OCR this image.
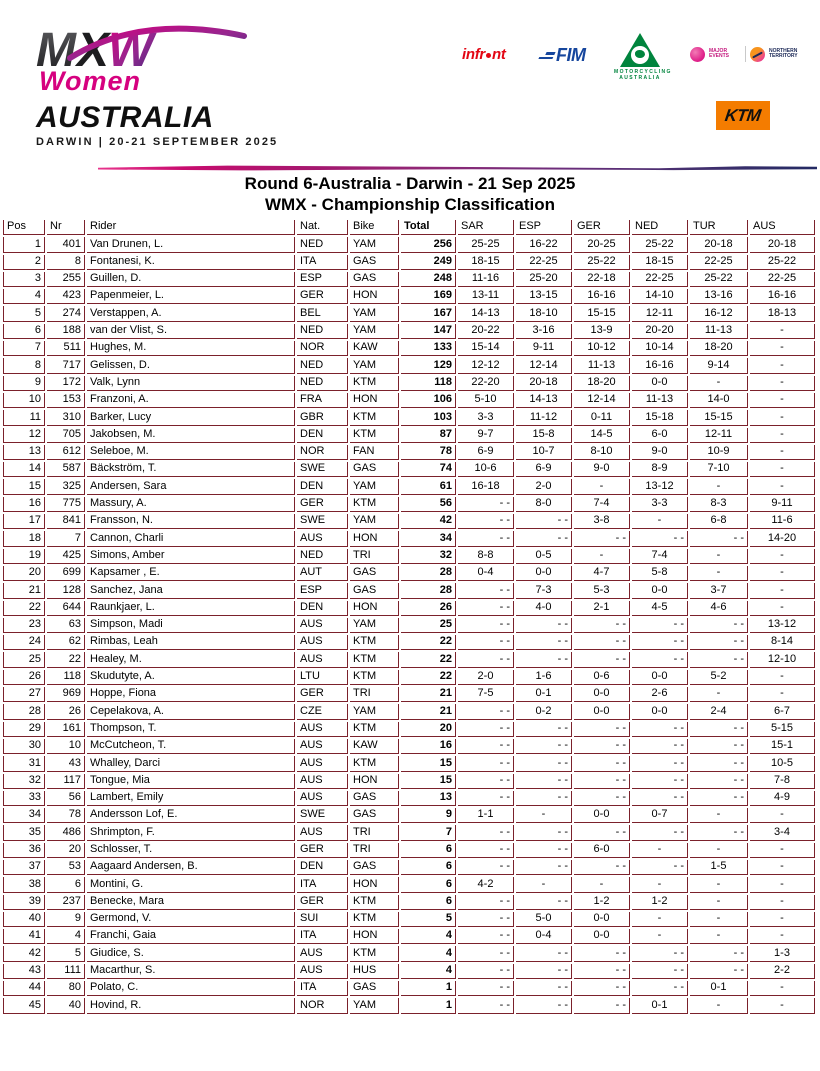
M X
W
Women
AUSTRALIA
DARWIN | 20-21 SEPTEMBER 2025
infr nt	FIM
MOTORCYCLING
AUSTRALIA
MAJOR EVENTS
NORTHERN TERRITORY
KTM
Round 6-Australia - Darwin - 21 Sep 2025
WMX - Championship Classification
Pos	Nr	Rider	Nat.	Bike	Total	SAR	ESP	GER	NED	TUR	AUS
1	401	Van Drunen, L.	NED	YAM	256	25-25	16-22	20-25	25-22	20-18	20-18
2	8	Fontanesi, K.	ITA	GAS	249	18-15	22-25	25-22	18-15	22-25	25-22
3	255	Guillen, D.	ESP	GAS	248	11-16	25-20	22-18	22-25	25-22	22-25
4	423	Papenmeier, L.	GER	HON	169	13-11	13-15	16-16	14-10	13-16	16-16
5	274	Verstappen, A.	BEL	YAM	167	14-13	18-10	15-15	12-11	16-12	18-13
6	188	van der Vlist, S.	NED	YAM	147	20-22	3-16	13-9	20-20	11-13	-
7	511	Hughes, M.	NOR	KAW	133	15-14	9-11	10-12	10-14	18-20	-
8	717	Gelissen, D.	NED	YAM	129	12-12	12-14	11-13	16-16	9-14	-
9	172	Valk, Lynn	NED	KTM	118	22-20	20-18	18-20	0-0	-	-
10	153	Franzoni, A.	FRA	HON	106	5-10	14-13	12-14	11-13	14-0	-
11	310	Barker, Lucy	GBR	KTM	103	3-3	11-12	0-11	15-18	15-15	-
12	705	Jakobsen, M.	DEN	KTM	87	9-7	15-8	14-5	6-0	12-11	-
13	612	Seleboe, M.	NOR	FAN	78	6-9	10-7	8-10	9-0	10-9	-
14	587	Bäckström, T.	SWE	GAS	74	10-6	6-9	9-0	8-9	7-10	-
15	325	Andersen, Sara	DEN	YAM	61	16-18	2-0	-	13-12	-	-
16	775	Massury, A.	GER	KTM	56	- -	8-0	7-4	3-3	8-3	9-11
17	841	Fransson, N.	SWE	YAM	42	- -	- -	3-8	-	6-8	11-6
18	7	Cannon, Charli	AUS	HON	34	- -	- -	- -	- -	- -	14-20
19	425	Simons, Amber	NED	TRI	32	8-8	0-5	-	7-4	-	-
20	699	Kapsamer , E.	AUT	GAS	28	0-4	0-0	4-7	5-8	-	-
21	128	Sanchez, Jana	ESP	GAS	28	- -	7-3	5-3	0-0	3-7	-
22	644	Raunkjaer, L.	DEN	HON	26	- -	4-0	2-1	4-5	4-6	-
23	63	Simpson, Madi	AUS	YAM	25	- -	- -	- -	- -	- -	13-12
24	62	Rimbas, Leah	AUS	KTM	22	- -	- -	- -	- -	- -	8-14
25	22	Healey, M.	AUS	KTM	22	- -	- -	- -	- -	- -	12-10
26	118	Skudutyte, A.	LTU	KTM	22	2-0	1-6	0-6	0-0	5-2	-
27	969	Hoppe, Fiona	GER	TRI	21	7-5	0-1	0-0	2-6	-	-
28	26	Cepelakova, A.	CZE	YAM	21	- -	0-2	0-0	0-0	2-4	6-7
29	161	Thompson, T.	AUS	KTM	20	- -	- -	- -	- -	- -	5-15
30	10	McCutcheon, T.	AUS	KAW	16	- -	- -	- -	- -	- -	15-1
31	43	Whalley, Darci	AUS	KTM	15	- -	- -	- -	- -	- -	10-5
32	117	Tongue, Mia	AUS	HON	15	- -	- -	- -	- -	- -	7-8
33	56	Lambert, Emily	AUS	GAS	13	- -	- -	- -	- -	- -	4-9
34	78	Andersson Lof, E.	SWE	GAS	9	1-1	-	0-0	0-7	-	-
35	486	Shrimpton, F.	AUS	TRI	7	- -	- -	- -	- -	- -	3-4
36	20	Schlosser, T.	GER	TRI	6	- -	- -	6-0	-	-	-
37	53	Aagaard Andersen, B.	DEN	GAS	6	- -	- -	- -	- -	1-5	-
38	6	Montini, G.	ITA	HON	6	4-2	-	-	-	-	-
39	237	Benecke, Mara	GER	KTM	6	- -	- -	1-2	1-2	-	-
40	9	Germond, V.	SUI	KTM	5	- -	5-0	0-0	-	-	-
41	4	Franchi, Gaia	ITA	HON	4	- -	0-4	0-0	-	-	-
42	5	Giudice, S.	AUS	KTM	4	- -	- -	- -	- -	- -	1-3
43	111	Macarthur, S.	AUS	HUS	4	- -	- -	- -	- -	- -	2-2
44	80	Polato, C.	ITA	GAS	1	- -	- -	- -	- -	0-1	-
45	40	Hovind, R.	NOR	YAM	1	- -	- -	- -	0-1	-	-
